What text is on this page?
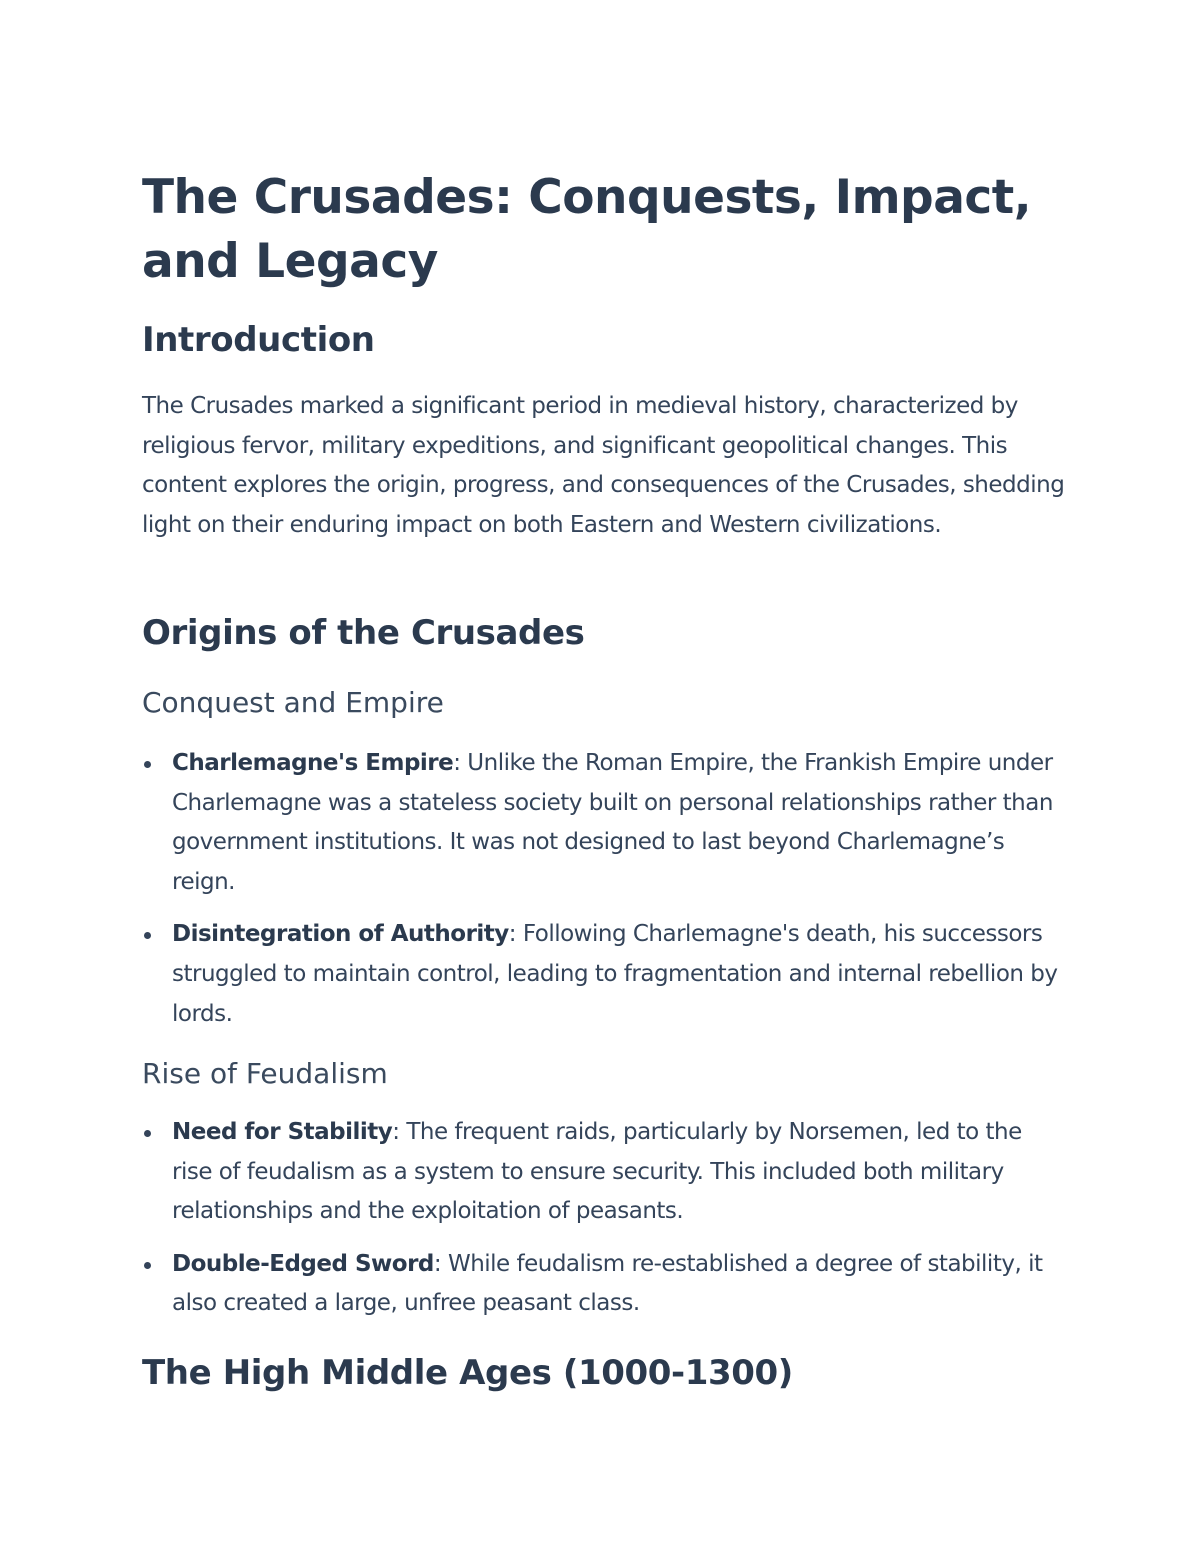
The Crusades: Conquests, Impact, and Legacy
Introduction

The Crusades marked a significant period in medieval history, characterized by religious fervor, military expeditions, and significant geopolitical changes. This content explores the origin, progress, and consequences of the Crusades, shedding light on their enduring impact on both Eastern and Western civilizations.

Origins of the Crusades
Conquest and Empire
Charlemagne's Empire: Unlike the Roman Empire, the Frankish Empire under Charlemagne was a stateless society built on personal relationships rather than government institutions. It was not designed to last beyond Charlemagne’s reign.
Disintegration of Authority: Following Charlemagne's death, his successors struggled to maintain control, leading to fragmentation and internal rebellion by lords.
Rise of Feudalism
Need for Stability: The frequent raids, particularly by Norsemen, led to the rise of feudalism as a system to ensure security. This included both military relationships and the exploitation of peasants.
Double-Edged Sword: While feudalism re-established a degree of stability, it also created a large, unfree peasant class.
The High Middle Ages (1000-1300)
